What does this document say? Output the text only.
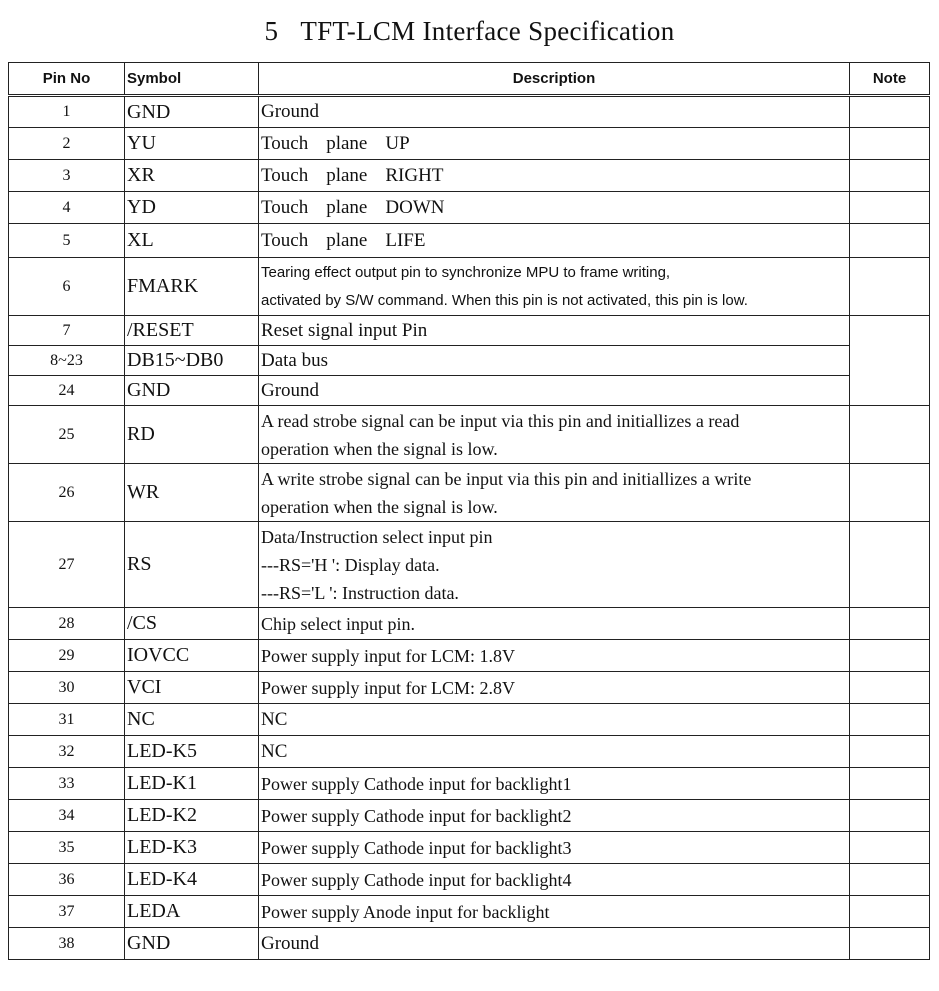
5 TFT-LCM Interface Specification
Pin No	Symbol	Description	Note
1	GND	Ground	
2	YU	Touch plane UP	
3	XR	Touch plane RIGHT	
4	YD	Touch plane DOWN	
5	XL	Touch plane LIFE	
6	FMARK	Tearing effect output pin to synchronize MPU to frame writing,
activated by S/W command. When this pin is not activated, this pin is low.	

7	/RESET	Reset signal input Pin	
8~23	DB15~DB0	Data bus	
24	GND	Ground	
25	RD	A read strobe signal can be input via this pin and initiallizes a read
operation when the signal is low.	

26	WR	A write strobe signal can be input via this pin and initiallizes a write
operation when the signal is low.	

27	RS	Data/Instruction select input pin
---RS='H ': Display data.
---RS='L ': Instruction data.	

28	/CS	Chip select input pin.	
29	IOVCC	Power supply input for LCM: 1.8V	
30	VCI	Power supply input for LCM: 2.8V	
31	NC	NC	
32	LED-K5	NC	
33	LED-K1	Power supply Cathode input for backlight1	
34	LED-K2	Power supply Cathode input for backlight2	
35	LED-K3	Power supply Cathode input for backlight3	
36	LED-K4	Power supply Cathode input for backlight4	
37	LEDA	Power supply Anode input for backlight	
38	GND	Ground	
